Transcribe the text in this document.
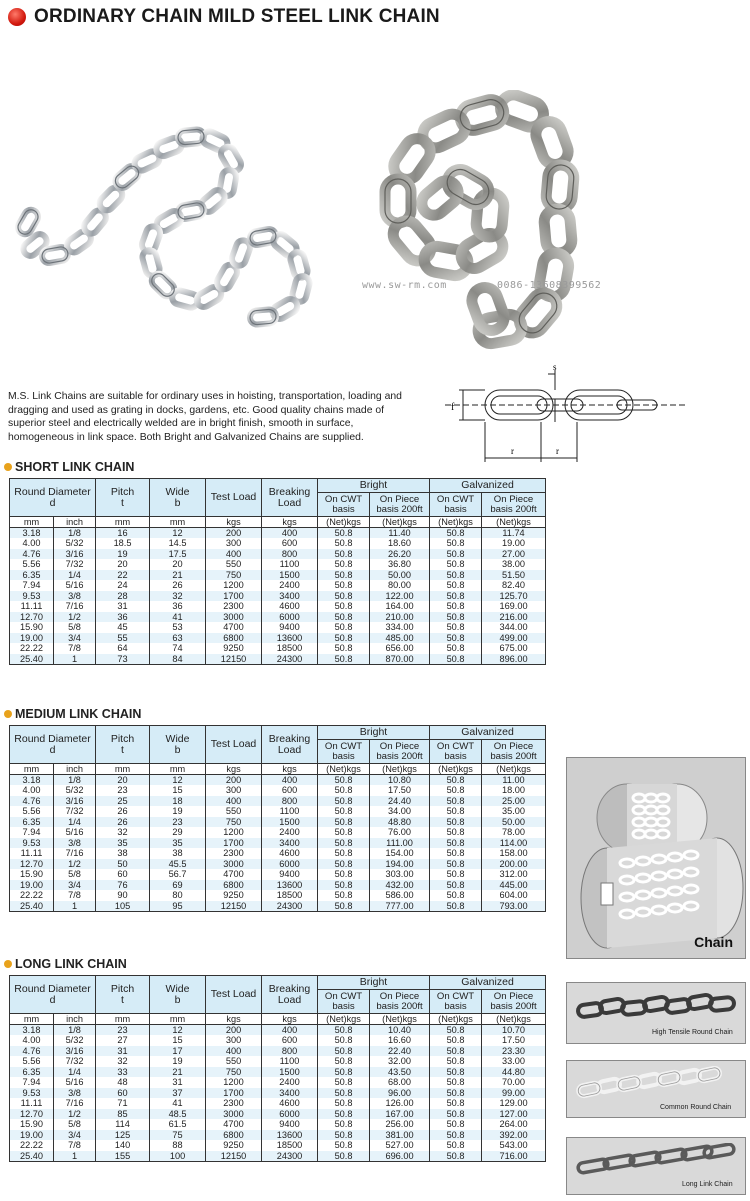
ORDINARY CHAIN MILD STEEL LINK CHAIN
www.sw-rm.com	0086-13608399562
M.S. Link Chains are suitable for ordinary uses in hoisting, transportation, loading and dragging and used as grating in docks, gardens, etc. Good quality chains made of superior steel and electrically welded are in bright finish, smooth in surface, homogeneous in link space. Both Bright and Galvanized Chains are supplied.
s
f
r	r
SHORT LINK CHAIN
Round Diameter
d		Pitch
t	Wide
b	Test Load	Breaking Load	Bright		Galvanized	
						On CWT basis	On Piece basis 200ft	On CWT basis	On Piece basis 200ft
mm	inch	mm	mm	kgs	kgs	(Net)kgs	(Net)kgs	(Net)kgs	(Net)kgs
3.18	1/8	16	12	200	400	50.8	11.40	50.8	11.74
4.00	5/32	18.5	14.5	300	600	50.8	18.60	50.8	19.00
4.76	3/16	19	17.5	400	800	50.8	26.20	50.8	27.00
5.56	7/32	20	20	550	1100	50.8	36.80	50.8	38.00
6.35	1/4	22	21	750	1500	50.8	50.00	50.8	51.50
7.94	5/16	24	26	1200	2400	50.8	80.00	50.8	82.40
9.53	3/8	28	32	1700	3400	50.8	122.00	50.8	125.70
11.11	7/16	31	36	2300	4600	50.8	164.00	50.8	169.00
12.70	1/2	36	41	3000	6000	50.8	210.00	50.8	216.00
15.90	5/8	45	53	4700	9400	50.8	334.00	50.8	344.00
19.00	3/4	55	63	6800	13600	50.8	485.00	50.8	499.00
22.22	7/8	64	74	9250	18500	50.8	656.00	50.8	675.00
25.40	1	73	84	12150	24300	50.8	870.00	50.8	896.00
MEDIUM LINK CHAIN
Round Diameter
d		Pitch
t	Wide
b	Test Load	Breaking Load	Bright		Galvanized	
						On CWT basis	On Piece basis 200ft	On CWT basis	On Piece basis 200ft
mm	inch	mm	mm	kgs	kgs	(Net)kgs	(Net)kgs	(Net)kgs	(Net)kgs
3.18	1/8	20	12	200	400	50.8	10.80	50.8	11.00
4.00	5/32	23	15	300	600	50.8	17.50	50.8	18.00
4.76	3/16	25	18	400	800	50.8	24.40	50.8	25.00
5.56	7/32	26	19	550	1100	50.8	34.00	50.8	35.00
6.35	1/4	26	23	750	1500	50.8	48.80	50.8	50.00
7.94	5/16	32	29	1200	2400	50.8	76.00	50.8	78.00
9.53	3/8	35	35	1700	3400	50.8	111.00	50.8	114.00
11.11	7/16	38	38	2300	4600	50.8	154.00	50.8	158.00
12.70	1/2	50	45.5	3000	6000	50.8	194.00	50.8	200.00
15.90	5/8	60	56.7	4700	9400	50.8	303.00	50.8	312.00
19.00	3/4	76	69	6800	13600	50.8	432.00	50.8	445.00
22.22	7/8	90	80	9250	18500	50.8	586.00	50.8	604.00
25.40	1	105	95	12150	24300	50.8	777.00	50.8	793.00
LONG LINK CHAIN
Round Diameter
d		Pitch
t	Wide
b	Test Load	Breaking Load	Bright		Galvanized	
						On CWT basis	On Piece basis 200ft	On CWT basis	On Piece basis 200ft
mm	inch	mm	mm	kgs	kgs	(Net)kgs	(Net)kgs	(Net)kgs	(Net)kgs
3.18	1/8	23	12	200	400	50.8	10.40	50.8	10.70
4.00	5/32	27	15	300	600	50.8	16.60	50.8	17.50
4.76	3/16	31	17	400	800	50.8	22.40	50.8	23.30
5.56	7/32	32	19	550	1100	50.8	32.00	50.8	33.00
6.35	1/4	33	21	750	1500	50.8	43.50	50.8	44.80
7.94	5/16	48	31	1200	2400	50.8	68.00	50.8	70.00
9.53	3/8	60	37	1700	3400	50.8	96.00	50.8	99.00
11.11	7/16	71	41	2300	4600	50.8	126.00	50.8	129.00
12.70	1/2	85	48.5	3000	6000	50.8	167.00	50.8	127.00
15.90	5/8	114	61.5	4700	9400	50.8	256.00	50.8	264.00
19.00	3/4	125	75	6800	13600	50.8	381.00	50.8	392.00
22.22	7/8	140	88	9250	18500	50.8	527.00	50.8	543.00
25.40	1	155	100	12150	24300	50.8	696.00	50.8	716.00
Chain
High Tensile Round Chain
Common Round Chain
Long Link Chain
